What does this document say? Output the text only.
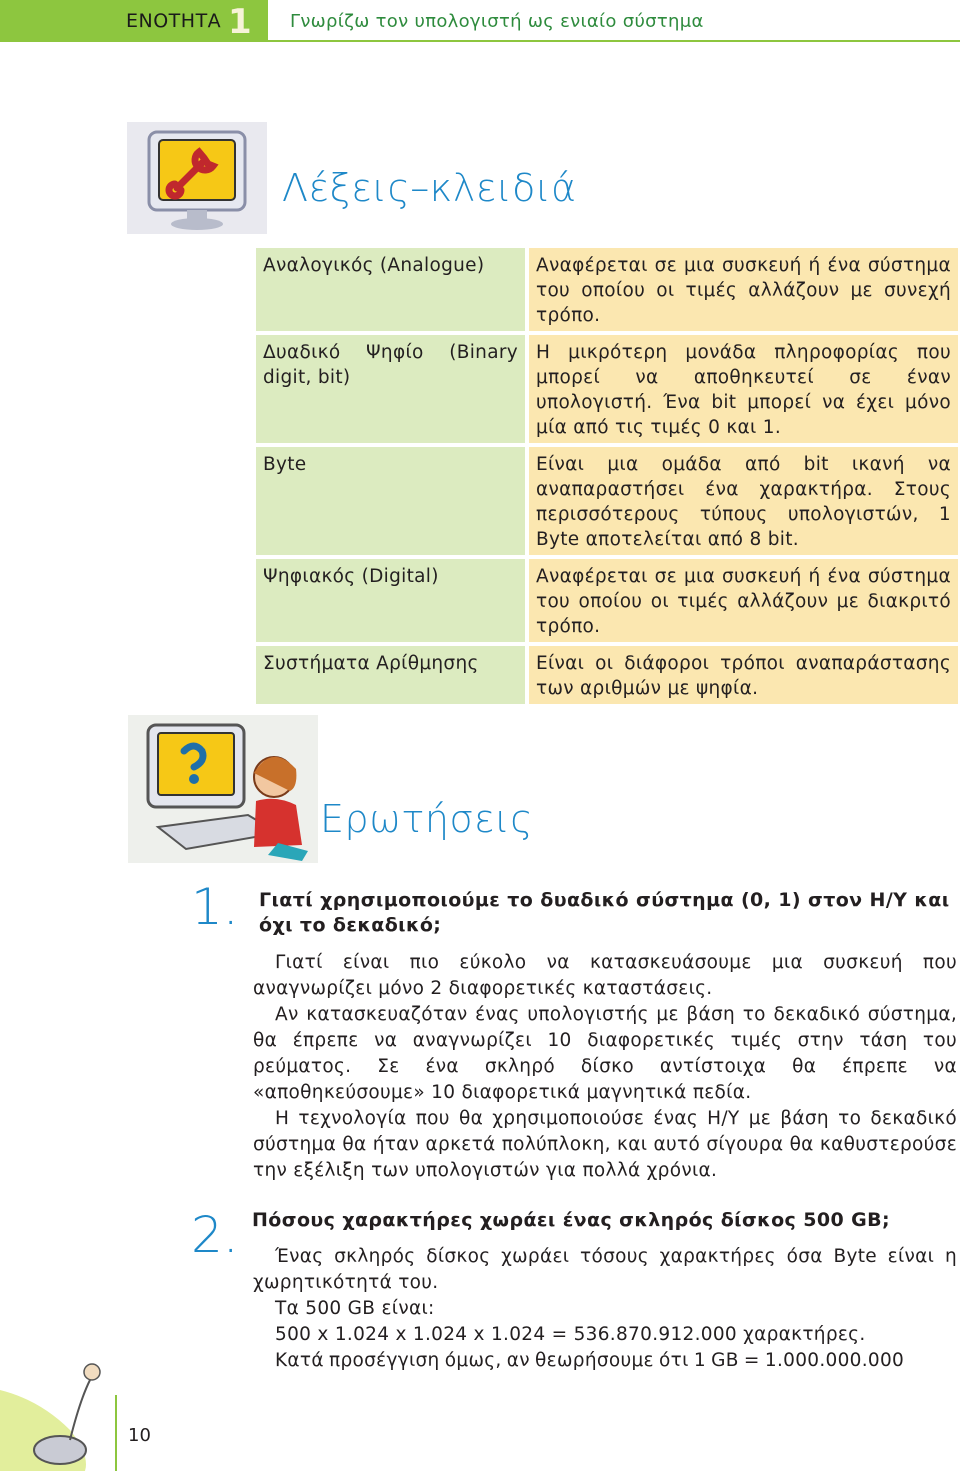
ΕΝΟΤΗΤΑ 1 Γνωρίζω τον υπολογιστή ως ενιαίο σύστημα
Λέξεις–κλειδιά
Αναλογικός (Analogue)	Αναφέρεται σε μια συσκευή ή ένα σύστημα του οποίου οι τιμές αλλάζουν με συνεχή τρόπο.
Δυαδικό Ψηφίο (Binary digit, bit)	Η μικρότερη μονάδα πληροφορίας που μπορεί να αποθηκευτεί σε έναν υπολογιστή. Ένα bit μπορεί να έχει μόνο μία από τις τιμές 0 και 1.
Byte	Είναι μια ομάδα από bit ικανή να αναπαραστήσει ένα χαρακτήρα. Στους περισσότερους τύπους υπολογιστών, 1 Byte αποτελείται από 8 bit.
Ψηφιακός (Digital)	Αναφέρεται σε μια συσκευή ή ένα σύστημα του οποίου οι τιμές αλλάζουν με διακριτό τρόπο.
Συστήματα Αρίθμησης	Είναι οι διάφοροι τρόποι αναπαράστασης των αριθμών με ψηφία.
Ερωτήσεις
1. Γιατί χρησιμοποιούμε το δυαδικό σύστημα (0, 1) στον Η/Υ και όχι το δεκαδικό;

Γιατί είναι πιο εύκολο να κατασκευάσουμε μια συσκευή που αναγνωρίζει μόνο 2 διαφορετικές καταστάσεις.

Αν κατασκευαζόταν ένας υπολογιστής με βάση το δεκαδικό σύστημα, θα έπρεπε να αναγνωρίζει 10 διαφορετικές τιμές στην τάση του ρεύματος. Σε ένα σκληρό δίσκο αντίστοιχα θα έπρεπε να «αποθηκεύσουμε» 10 διαφορετικά μαγνητικά πεδία.

Η τεχνολογία που θα χρησιμοποιούσε ένας Η/Υ με βάση το δεκαδικό σύστημα θα ήταν αρκετά πολύπλοκη, και αυτό σίγουρα θα καθυστερούσε την εξέλιξη των υπολογιστών για πολλά χρόνια.

2. Πόσους χαρακτήρες χωράει ένας σκληρός δίσκος 500 GB;

Ένας σκληρός δίσκος χωράει τόσους χαρακτήρες όσα Byte είναι η χωρητικότητά του.

Τα 500 GB είναι:

500 x 1.024 x 1.024 x 1.024 = 536.870.912.000 χαρακτήρες.

Κατά προσέγγιση όμως, αν θεωρήσουμε ότι 1 GB = 1.000.000.000

10
